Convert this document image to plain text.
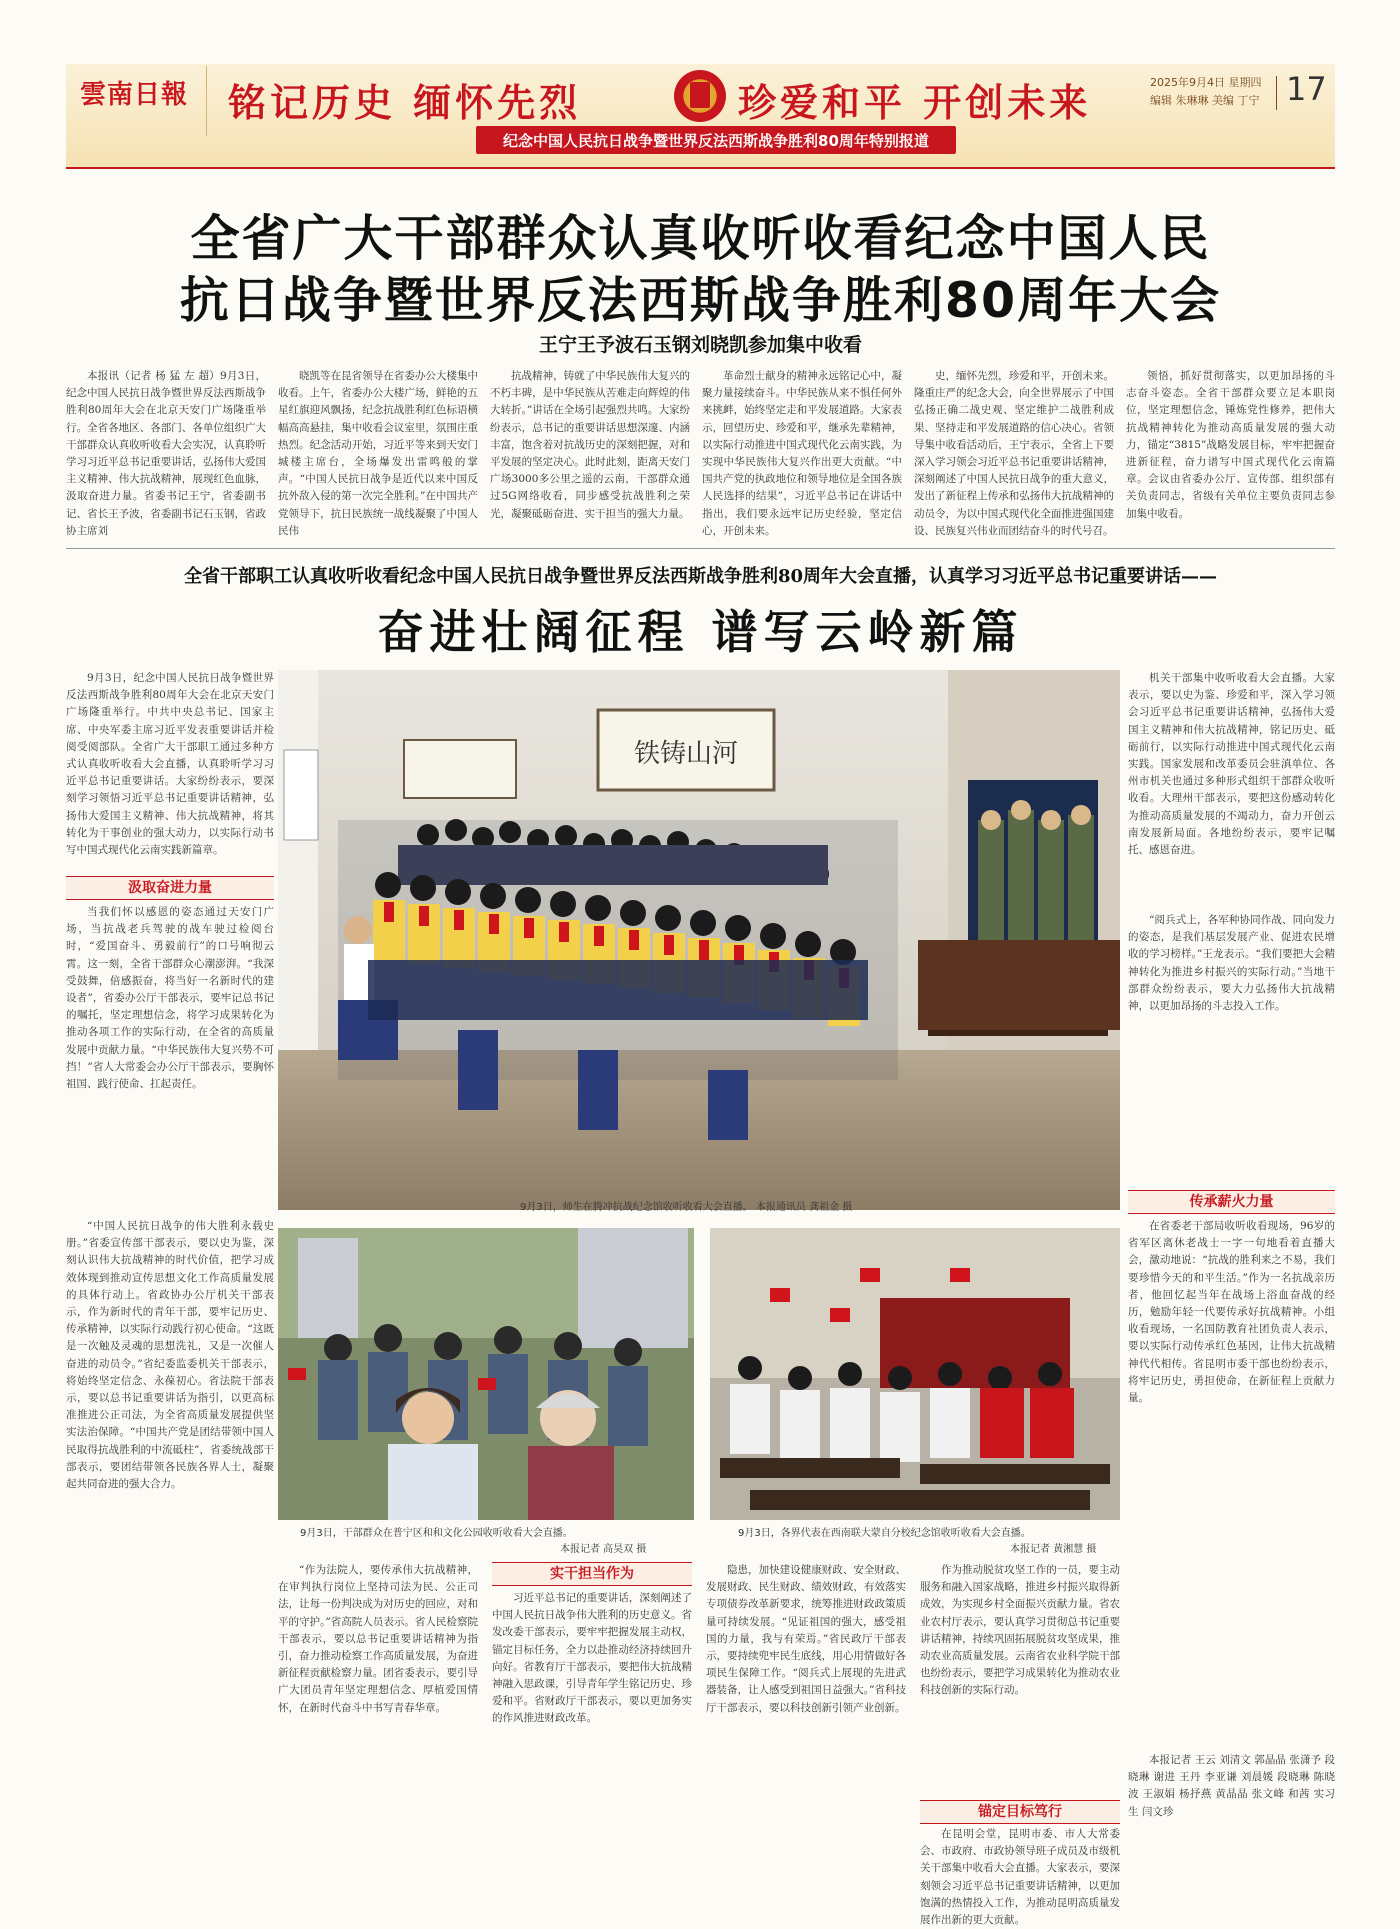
雲南日報	铭记历史 缅怀先烈	珍爱和平 开创未来
纪念中国人民抗日战争暨世界反法西斯战争胜利80周年特别报道
2025年9月4日 星期四
编辑 朱琳琳 美编 丁宁 17
全省广大干部群众认真收听收看纪念中国人民
抗日战争暨世界反法西斯战争胜利80周年大会
王宁王予波石玉钢刘晓凯参加集中收看

本报讯（记者 杨 猛 左 超）9月3日，纪念中国人民抗日战争暨世界反法西斯战争胜利80周年大会在北京天安门广场隆重举行。全省各地区、各部门、各单位组织广大干部群众认真收听收看大会实况，认真聆听学习习近平总书记重要讲话，弘扬伟大爱国主义精神、伟大抗战精神，展现红色血脉，汲取奋进力量。省委书记王宁，省委副书记、省长王予波，省委副书记石玉钢，省政协主席刘

晓凯等在昆省领导在省委办公大楼集中收看。上午，省委办公大楼广场，鲜艳的五星红旗迎风飘扬，纪念抗战胜利红色标语横幅高高悬挂，集中收看会议室里，氛围庄重热烈。纪念活动开始，习近平等来到天安门城楼主席台，全场爆发出雷鸣般的掌声。“中国人民抗日战争是近代以来中国反抗外敌入侵的第一次完全胜利。”在中国共产党领导下，抗日民族统一战线凝聚了中国人民伟

抗战精神，铸就了中华民族伟大复兴的不朽丰碑，是中华民族从苦难走向辉煌的伟大转折。”讲话在全场引起强烈共鸣。大家纷纷表示，总书记的重要讲话思想深邃、内涵丰富，饱含着对抗战历史的深刻把握，对和平发展的坚定决心。此时此刻，距离天安门广场3000多公里之遥的云南，干部群众通过5G网络收看，同步感受抗战胜利之荣光，凝聚砥砺奋进、实干担当的强大力量。

革命烈士献身的精神永远铭记心中，凝聚力量接续奋斗。中华民族从来不惧任何外来挑衅，始终坚定走和平发展道路。大家表示，回望历史、珍爱和平，继承先辈精神，以实际行动推进中国式现代化云南实践，为实现中华民族伟大复兴作出更大贡献。“中国共产党的执政地位和领导地位是全国各族人民选择的结果”，习近平总书记在讲话中指出，我们要永远牢记历史经验，坚定信心，开创未来。

史，缅怀先烈，珍爱和平，开创未来。隆重庄严的纪念大会，向全世界展示了中国弘扬正确二战史观、坚定维护二战胜利成果、坚持走和平发展道路的信心决心。省领导集中收看活动后，王宁表示，全省上下要深入学习领会习近平总书记重要讲话精神，深刻阐述了中国人民抗日战争的重大意义，发出了新征程上传承和弘扬伟大抗战精神的动员令，为以中国式现代化全面推进强国建设、民族复兴伟业而团结奋斗的时代号召。

领悟，抓好贯彻落实，以更加昂扬的斗志奋斗姿态。全省干部群众要立足本职岗位，坚定理想信念，锤炼党性修养，把伟大抗战精神转化为推动高质量发展的强大动力，锚定“3815”战略发展目标，牢牢把握奋进新征程，奋力谱写中国式现代化云南篇章。会议由省委办公厅、宣传部、组织部有关负责同志，省级有关单位主要负责同志参加集中收看。

全省干部职工认真收听收看纪念中国人民抗日战争暨世界反法西斯战争胜利80周年大会直播，认真学习习近平总书记重要讲话——
奋进壮阔征程 谱写云岭新篇

9月3日，纪念中国人民抗日战争暨世界反法西斯战争胜利80周年大会在北京天安门广场隆重举行。中共中央总书记、国家主席、中央军委主席习近平发表重要讲话并检阅受阅部队。全省广大干部职工通过多种方式认真收听收看大会直播，认真聆听学习习近平总书记重要讲话。大家纷纷表示，要深刻学习领悟习近平总书记重要讲话精神，弘扬伟大爱国主义精神、伟大抗战精神，将其转化为干事创业的强大动力，以实际行动书写中国式现代化云南实践新篇章。

汲取奋进力量

当我们怀以感恩的姿态通过天安门广场，当抗战老兵驾驶的战车驶过检阅台时，“爱国奋斗、勇毅前行”的口号响彻云霄。这一刻，全省干部群众心潮澎湃。“我深受鼓舞，倍感振奋，将当好一名新时代的建设者”，省委办公厅干部表示，要牢记总书记的嘱托，坚定理想信念，将学习成果转化为推动各项工作的实际行动，在全省的高质量发展中贡献力量。“中华民族伟大复兴势不可挡！”省人大常委会办公厅干部表示，要胸怀祖国、践行使命、扛起责任。

“中国人民抗日战争的伟大胜利永载史册。”省委宣传部干部表示，要以史为鉴，深刻认识伟大抗战精神的时代价值，把学习成效体现到推动宣传思想文化工作高质量发展的具体行动上。省政协办公厅机关干部表示，作为新时代的青年干部，要牢记历史、传承精神，以实际行动践行初心使命。“这既是一次触及灵魂的思想洗礼，又是一次催人奋进的动员令。”省纪委监委机关干部表示，将始终坚定信念、永葆初心。省法院干部表示，要以总书记重要讲话为指引，以更高标准推进公正司法，为全省高质量发展提供坚实法治保障。“中国共产党是团结带领中国人民取得抗战胜利的中流砥柱”，省委统战部干部表示，要团结带领各民族各界人士，凝聚起共同奋进的强大合力。

铁铸山河
9月3日，师生在腾冲抗战纪念馆收听收看大会直播。 本报通讯员 龚祖金 摄

机关干部集中收听收看大会直播。大家表示，要以史为鉴、珍爱和平，深入学习领会习近平总书记重要讲话精神，弘扬伟大爱国主义精神和伟大抗战精神，铭记历史、砥砺前行，以实际行动推进中国式现代化云南实践。国家发展和改革委员会驻滇单位、各州市机关也通过多种形式组织干部群众收听收看。大理州干部表示，要把这份感动转化为推动高质量发展的不竭动力，奋力开创云南发展新局面。各地纷纷表示，要牢记嘱托、感恩奋进。

“阅兵式上，各军种协同作战、同向发力的姿态，是我们基层发展产业、促进农民增收的学习榜样。”王龙表示。“我们要把大会精神转化为推进乡村振兴的实际行动。”当地干部群众纷纷表示，要大力弘扬伟大抗战精神，以更加昂扬的斗志投入工作。

传承薪火力量

在省委老干部局收听收看现场，96岁的省军区离休老战士一字一句地看着直播大会，激动地说：“抗战的胜利来之不易，我们要珍惜今天的和平生活。”作为一名抗战亲历者，他回忆起当年在战场上浴血奋战的经历，勉励年轻一代要传承好抗战精神。小组收看现场，一名国防教育社团负责人表示，要以实际行动传承红色基因，让伟大抗战精神代代相传。省昆明市委干部也纷纷表示，将牢记历史，勇担使命，在新征程上贡献力量。

本报记者 王云 刘清文 郭晶晶 张潇予 段晓琳 谢进 王丹 李亚谦 刘晨媛 段晓琳 陈晓波 王淑娟 杨抒燕 黄晶晶 张文峰 和茜 实习生 闫文珍

9月3日，干部群众在普宁区和和文化公园收听收看大会直播。
本报记者 高昊双 摄
9月3日，各界代表在西南联大蒙自分校纪念馆收听收看大会直播。
本报记者 黄湘慧 摄

“作为法院人，要传承伟大抗战精神，在审判执行岗位上坚持司法为民、公正司法，让每一份判决成为对历史的回应，对和平的守护。”省高院人员表示。省人民检察院干部表示，要以总书记重要讲话精神为指引，奋力推动检察工作高质量发展，为奋进新征程贡献检察力量。团省委表示，要引导广大团员青年坚定理想信念、厚植爱国情怀，在新时代奋斗中书写青春华章。

实干担当作为

习近平总书记的重要讲话，深刻阐述了中国人民抗日战争伟大胜利的历史意义。省发改委干部表示，要牢牢把握发展主动权，锚定目标任务，全力以赴推动经济持续回升向好。省教育厅干部表示，要把伟大抗战精神融入思政课，引导青年学生铭记历史、珍爱和平。省财政厅干部表示，要以更加务实的作风推进财政改革。

隐患，加快建设健康财政、安全财政、发展财政、民生财政、绩效财政，有效落实专项债券改革新要求，统筹推进财政政策质量可持续发展。“见证祖国的强大，感受祖国的力量，我与有荣焉。”省民政厅干部表示，要持续兜牢民生底线，用心用情做好各项民生保障工作。“阅兵式上展现的先进武器装备，让人感受到祖国日益强大。”省科技厅干部表示，要以科技创新引领产业创新。

作为推动脱贫攻坚工作的一员，要主动服务和融入国家战略，推进乡村振兴取得新成效，为实现乡村全面振兴贡献力量。省农业农村厅表示，要认真学习贯彻总书记重要讲话精神，持续巩固拓展脱贫攻坚成果，推动农业高质量发展。云南省农业科学院干部也纷纷表示，要把学习成果转化为推动农业科技创新的实际行动。

锚定目标笃行

在昆明会堂，昆明市委、市人大常委会、市政府、市政协领导班子成员及市级机关干部集中收看大会直播。大家表示，要深刻领会习近平总书记重要讲话精神，以更加饱满的热情投入工作，为推动昆明高质量发展作出新的更大贡献。
